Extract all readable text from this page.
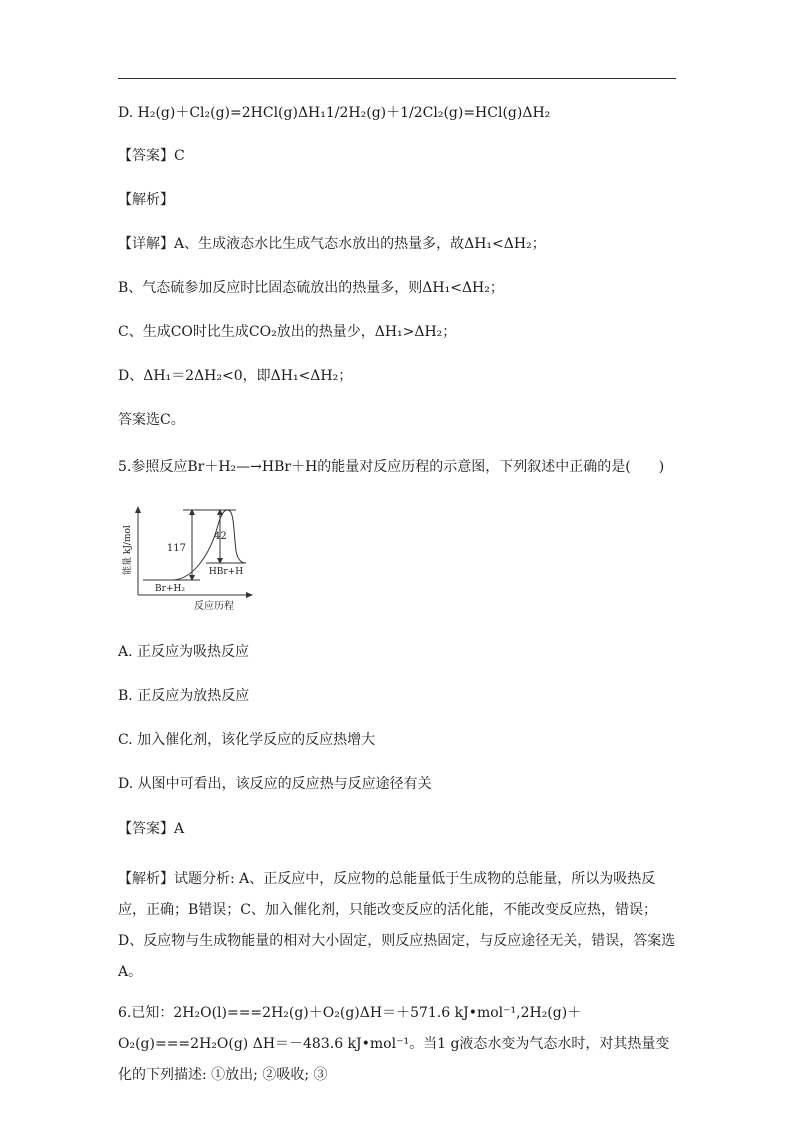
D. H₂(g)＋Cl₂(g)=2HCl(g)ΔH₁1/2H₂(g)＋1/2Cl₂(g)=HCl(g)ΔH₂
【答案】C
【解析】
【详解】A、生成液态水比生成气态水放出的热量多，故ΔH₁<ΔH₂；
B、气态硫参加反应时比固态硫放出的热量多，则ΔH₁<ΔH₂；
C、生成CO时比生成CO₂放出的热量少，ΔH₁>ΔH₂；
D、ΔH₁＝2ΔH₂<0，即ΔH₁<ΔH₂；
答案选C。
5.参照反应Br＋H₂—→HBr＋H的能量对反应历程的示意图，下列叙述中正确的是(　　)
117
42
HBr+H
Br+H₂
反应历程
能量 kJ/mol
A. 正反应为吸热反应
B. 正反应为放热反应
C. 加入催化剂，该化学反应的反应热增大
D. 从图中可看出，该反应的反应热与反应途径有关
【答案】A
【解析】试题分析: A、正反应中，反应物的总能量低于生成物的总能量，所以为吸热反应，正确；B错误；C、加入催化剂，只能改变反应的活化能，不能改变反应热，错误；D、反应物与生成物能量的相对大小固定，则反应热固定，与反应途径无关，错误，答案选A。
6.已知：2H₂O(l)===2H₂(g)＋O₂(g)ΔH＝＋571.6 kJ•mol⁻¹,2H₂(g)＋O₂(g)===2H₂O(g) ΔH＝－483.6 kJ•mol⁻¹。当1 g液态水变为气态水时，对其热量变化的下列描述: ①放出; ②吸收; ③
